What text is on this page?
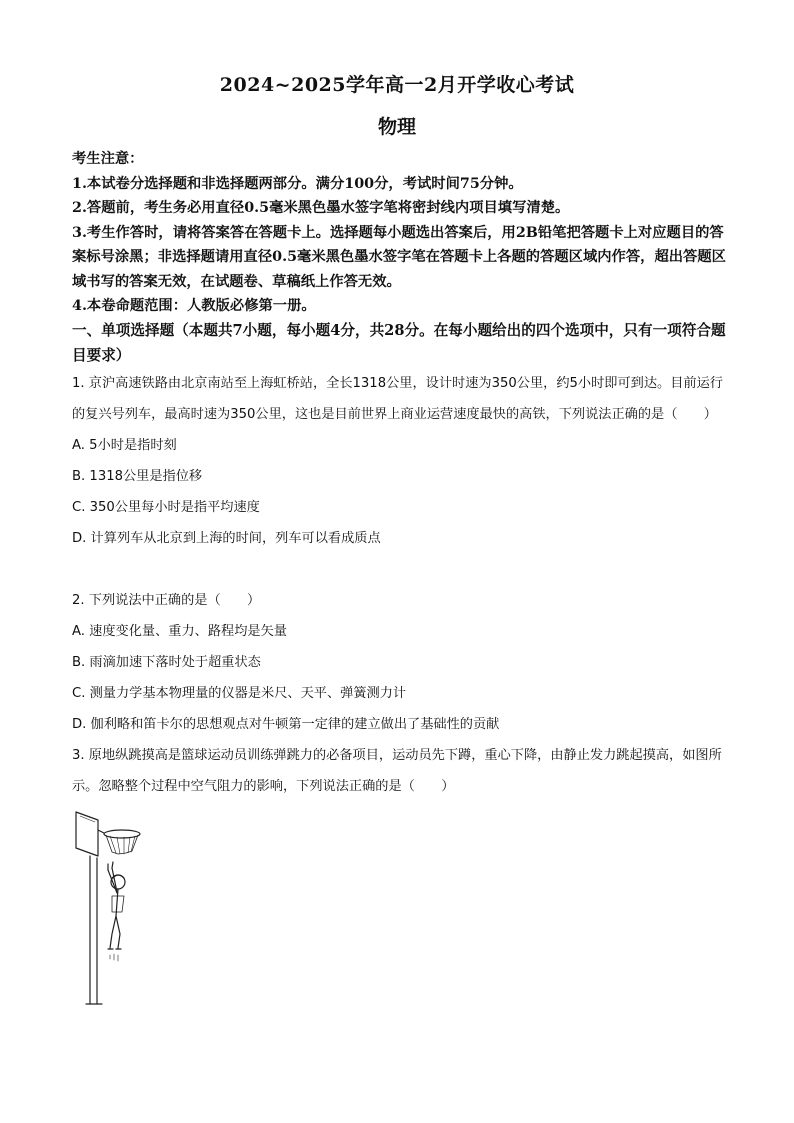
2024~2025学年高一2月开学收心考试
物理

考生注意：

1.本试卷分选择题和非选择题两部分。满分100分，考试时间75分钟。

2.答题前，考生务必用直径0.5毫米黑色墨水签字笔将密封线内项目填写清楚。

3.考生作答时，请将答案答在答题卡上。选择题每小题选出答案后，用2B铅笔把答题卡上对应题目的答案标号涂黑；非选择题请用直径0.5毫米黑色墨水签字笔在答题卡上各题的答题区域内作答，超出答题区域书写的答案无效，在试题卷、草稿纸上作答无效。

4.本卷命题范围：人教版必修第一册。

一、单项选择题（本题共7小题，每小题4分，共28分。在每小题给出的四个选项中，只有一项符合题目要求）

1. 京沪高速铁路由北京南站至上海虹桥站，全长1318公里，设计时速为350公里，约5小时即可到达。目前运行的复兴号列车，最高时速为350公里，这也是目前世界上商业运营速度最快的高铁，下列说法正确的是（　　）

A. 5小时是指时刻

B. 1318公里是指位移

C. 350公里每小时是指平均速度

D. 计算列车从北京到上海的时间，列车可以看成质点

2. 下列说法中正确的是（　　）

A. 速度变化量、重力、路程均是矢量

B. 雨滴加速下落时处于超重状态

C. 测量力学基本物理量的仪器是米尺、天平、弹簧测力计

D. 伽利略和笛卡尔的思想观点对牛顿第一定律的建立做出了基础性的贡献

3. 原地纵跳摸高是篮球运动员训练弹跳力的必备项目，运动员先下蹲，重心下降，由静止发力跳起摸高，如图所示。忽略整个过程中空气阻力的影响，下列说法正确的是（　　）
